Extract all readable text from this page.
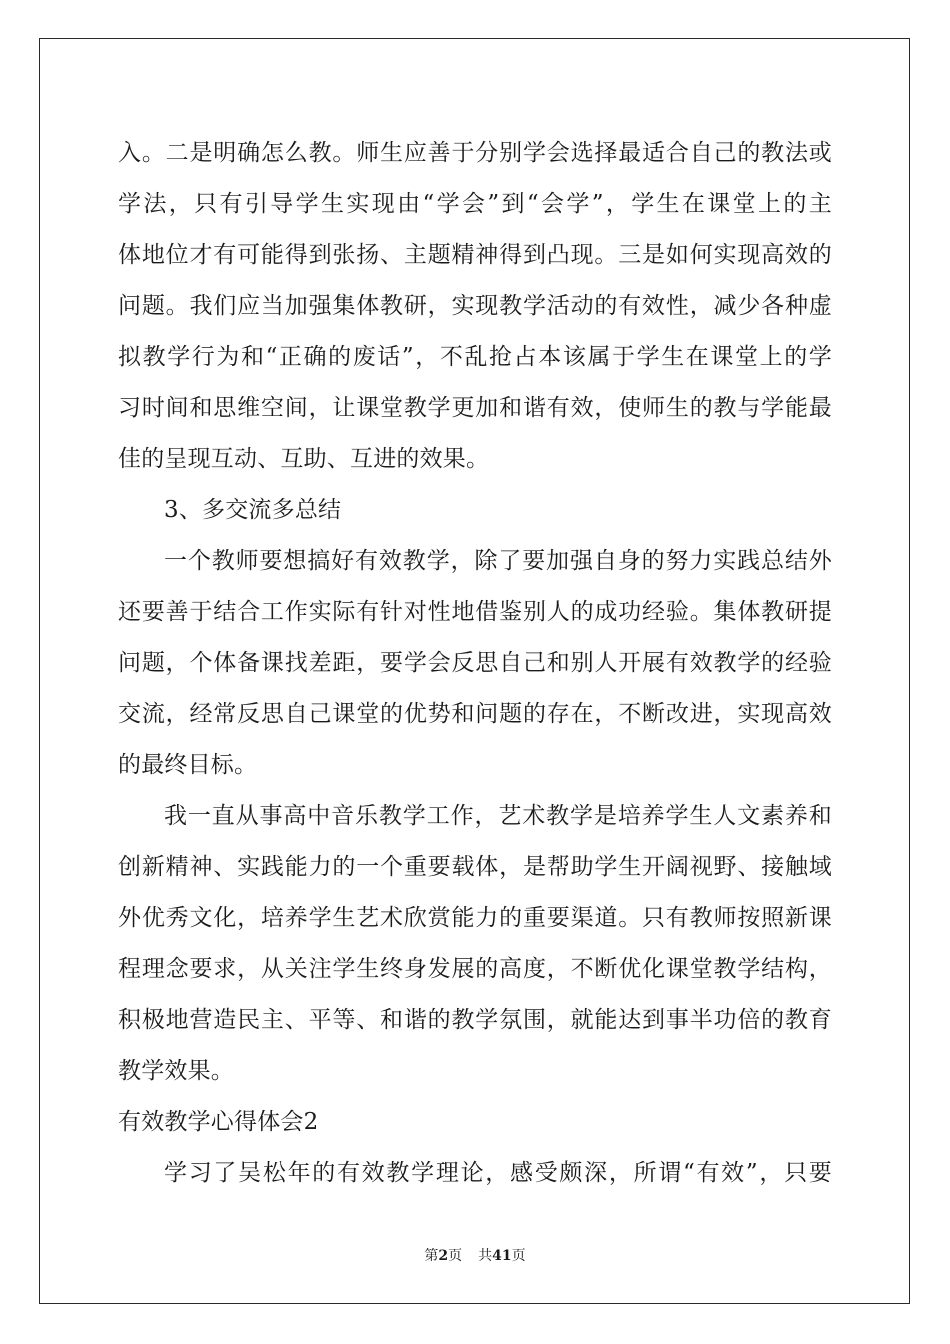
入。二是明确怎么教。师生应善于分别学会选择最适合自己的教法或
学法，只有引导学生实现由“学会”到“会学”，学生在课堂上的主
体地位才有可能得到张扬、主题精神得到凸现。三是如何实现高效的
问题。我们应当加强集体教研，实现教学活动的有效性，减少各种虚
拟教学行为和“正确的废话”，不乱抢占本该属于学生在课堂上的学
习时间和思维空间，让课堂教学更加和谐有效，使师生的教与学能最
佳的呈现互动、互助、互进的效果。
3、多交流多总结
一个教师要想搞好有效教学，除了要加强自身的努力实践总结外
还要善于结合工作实际有针对性地借鉴别人的成功经验。集体教研提
问题，个体备课找差距，要学会反思自己和别人开展有效教学的经验
交流，经常反思自己课堂的优势和问题的存在，不断改进，实现高效
的最终目标。
我一直从事高中音乐教学工作，艺术教学是培养学生人文素养和
创新精神、实践能力的一个重要载体，是帮助学生开阔视野、接触域
外优秀文化，培养学生艺术欣赏能力的重要渠道。只有教师按照新课
程理念要求，从关注学生终身发展的高度，不断优化课堂教学结构，
积极地营造民主、平等、和谐的教学氛围，就能达到事半功倍的教育
教学效果。
有效教学心得体会2
学习了吴松年的有效教学理论，感受颇深，所谓“有效”，只要
第2页 共41页
